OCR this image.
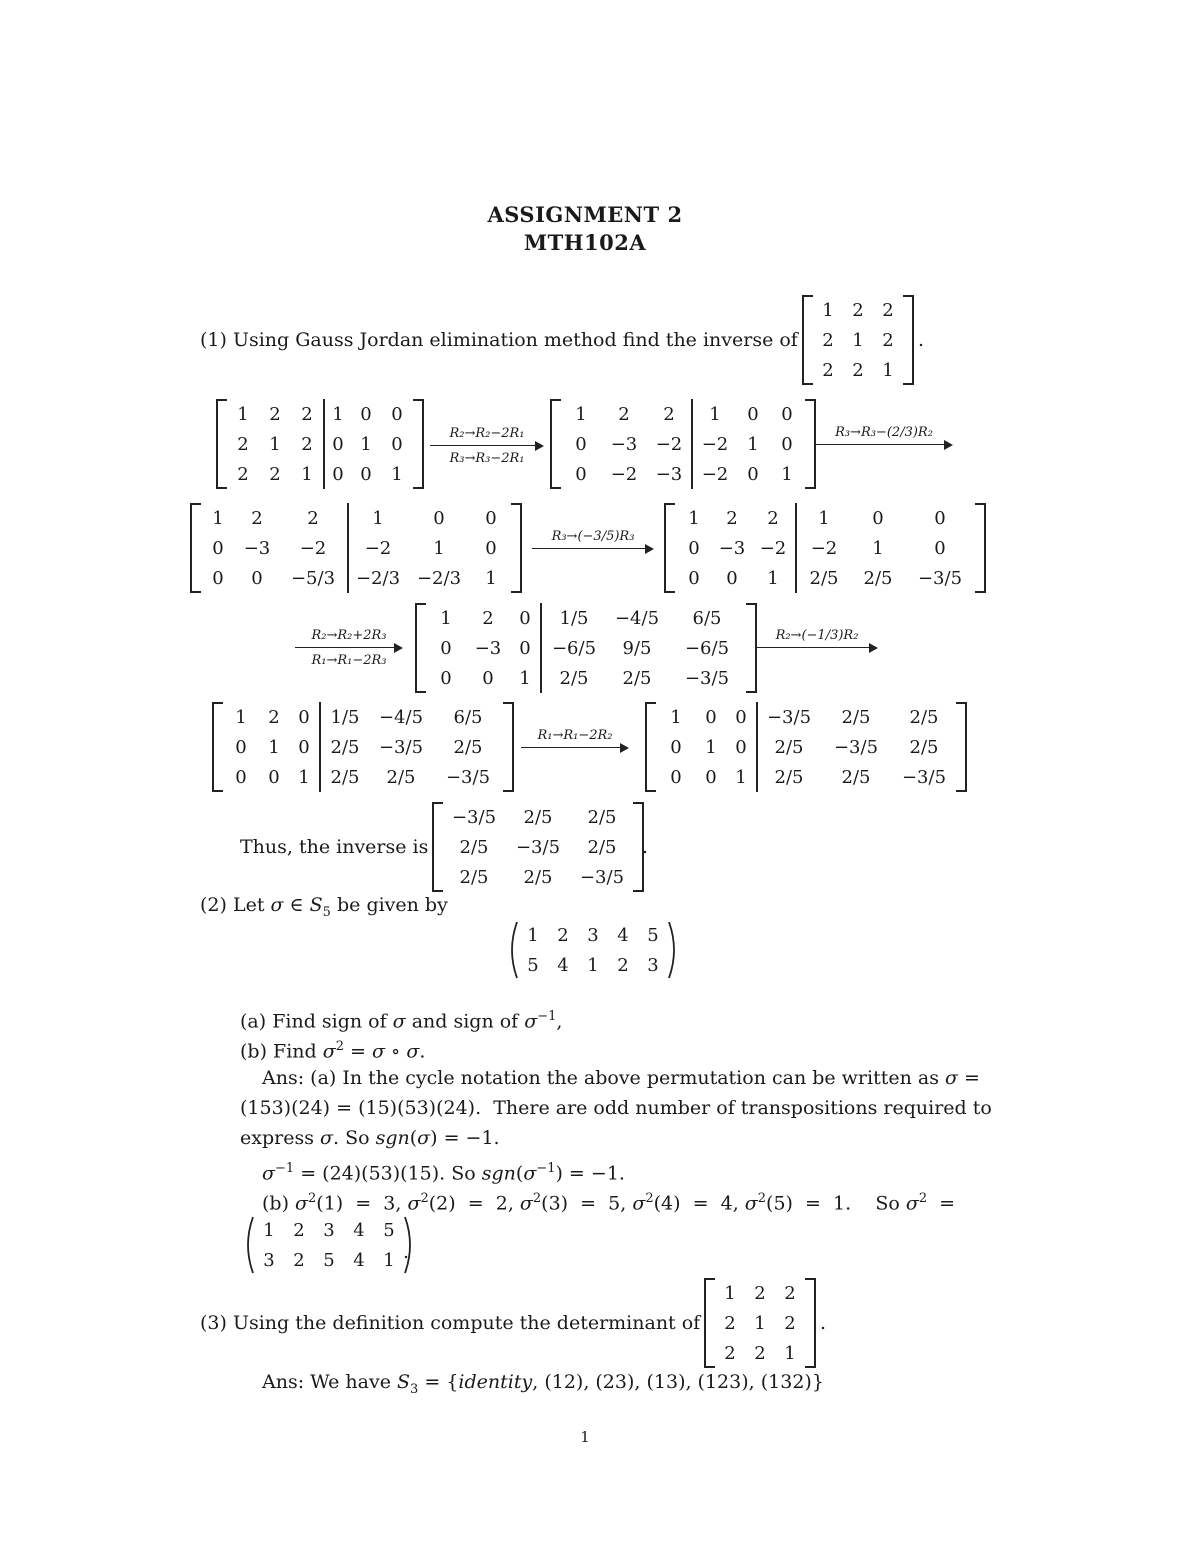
ASSIGNMENT 2
MTH102A
(1) Using Gauss Jordan elimination method find the inverse of
1	2	2
2	1	2
2	2	1
.
1	2	2	1	0	0
2	1	2	0	1	0
2	2	1	0	0	1
R₂→R₂−2R₁
R₃→R₃−2R₁
1	2	2	1	0	0
0	−3	−2	−2	1	0
0	−2	−3	−2	0	1
R₃→R₃−(2/3)R₂
1	2	2	1	0	0
0	−3	−2	−2	1	0
0	0	−5/3	−2/3	−2/3	1
R₃→(−3/5)R₃
1	2	2	1	0	0
0	−3	−2	−2	1	0
0	0	1	2/5	2/5	−3/5
R₂→R₂+2R₃
R₁→R₁−2R₃
1	2	0	1/5	−4/5	6/5
0	−3	0	−6/5	9/5	−6/5
0	0	1	2/5	2/5	−3/5
R₂→(−1/3)R₂
1	2	0	1/5	−4/5	6/5
0	1	0	2/5	−3/5	2/5
0	0	1	2/5	2/5	−3/5
R₁→R₁−2R₂
1	0	0	−3/5	2/5	2/5
0	1	0	2/5	−3/5	2/5
0	0	1	2/5	2/5	−3/5
Thus, the inverse is
−3/5	2/5	2/5
2/5	−3/5	2/5
2/5	2/5	−3/5
.
(2) Let σ ∈ $S_5$ be given by
1	2	3	4	5
5	4	1	2	3
(a) Find sign of σ and sign of $\sigma^{-1}$,
(b) Find $\sigma^2 = \sigma$ ∘ σ.
Ans: (a) In the cycle notation the above permutation can be written as σ =
(153)(24) = (15)(53)(24).  There are odd number of transpositions required to
express σ. So sgn(σ) = −1.
$\sigma^{-1} = (24)(53)(15)$. So $sgn(\sigma^{-1}) = -1$.
(b) $\sigma^2(1) = 3$, $\sigma^2(2) = 2$, $\sigma^2(3) = 5$, $\sigma^2(4) = 4$, $\sigma^2(5) = 1$.    So $\sigma^2$  =
1	2	3	4	5
3	2	5	4	1 .
(3) Using the definition compute the determinant of
1	2	2
2	1	2
2	2	1
.
Ans: We have $S_3$ = {identity, (12), (23), (13), (123), (132)}
1
